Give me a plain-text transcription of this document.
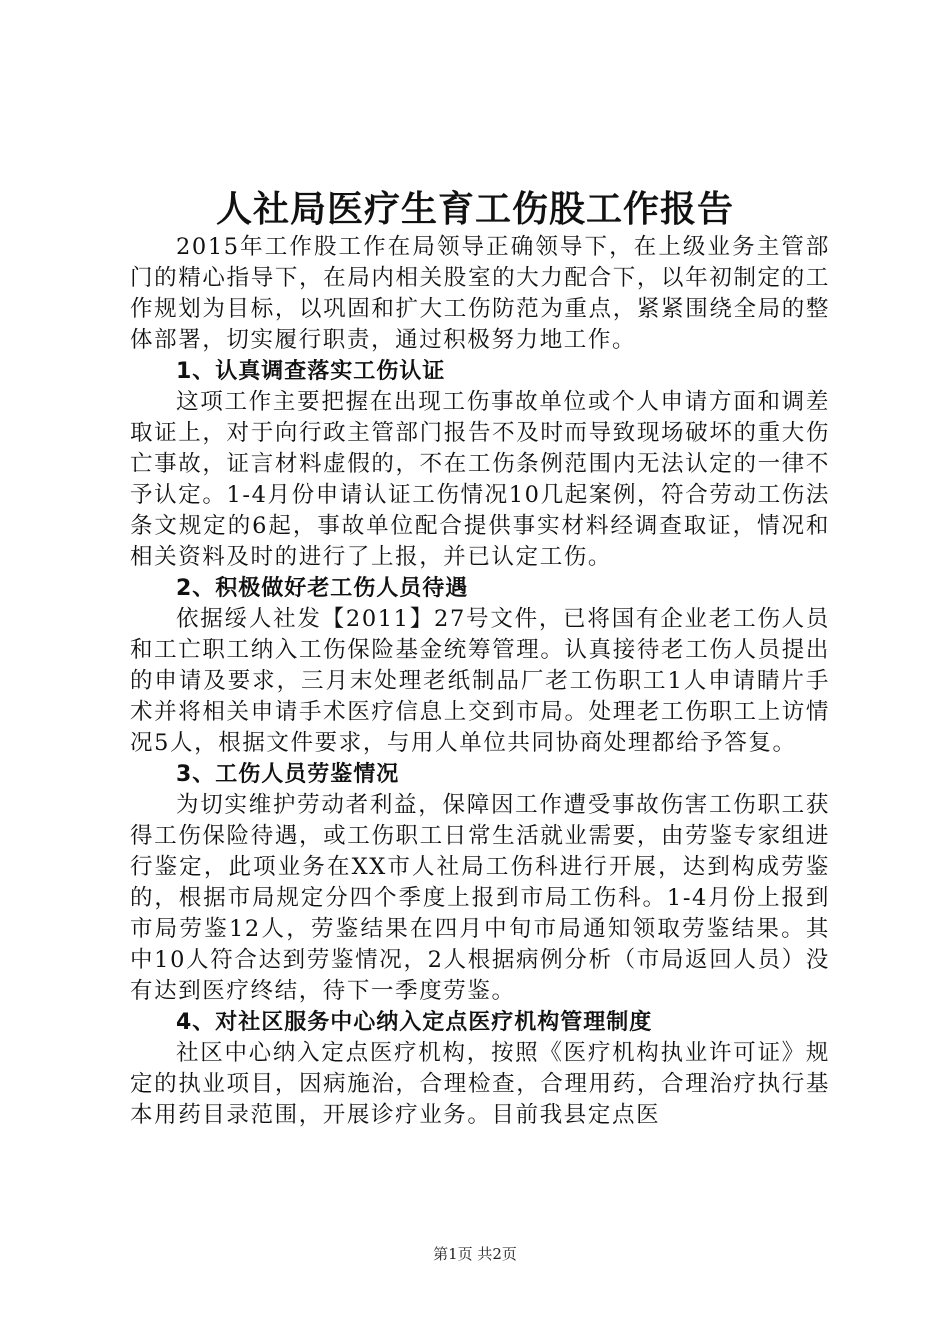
人社局医疗生育工伤股工作报告

2015年工作股工作在局领导正确领导下，在上级业务主管部门的精心指导下，在局内相关股室的大力配合下，以年初制定的工作规划为目标，以巩固和扩大工伤防范为重点，紧紧围绕全局的整体部署，切实履行职责，通过积极努力地工作。

1、认真调查落实工伤认证

这项工作主要把握在出现工伤事故单位或个人申请方面和调差取证上，对于向行政主管部门报告不及时而导致现场破坏的重大伤亡事故，证言材料虚假的，不在工伤条例范围内无法认定的一律不予认定。1-4月份申请认证工伤情况10几起案例，符合劳动工伤法条文规定的6起，事故单位配合提供事实材料经调查取证，情况和相关资料及时的进行了上报，并已认定工伤。

2、积极做好老工伤人员待遇

依据绥人社发【2011】27号文件，已将国有企业老工伤人员和工亡职工纳入工伤保险基金统筹管理。认真接待老工伤人员提出的申请及要求，三月末处理老纸制品厂老工伤职工1人申请睛片手术并将相关申请手术医疗信息上交到市局。处理老工伤职工上访情况5人，根据文件要求，与用人单位共同协商处理都给予答复。

3、工伤人员劳鉴情况

为切实维护劳动者利益，保障因工作遭受事故伤害工伤职工获得工伤保险待遇，或工伤职工日常生活就业需要，由劳鉴专家组进行鉴定，此项业务在XX市人社局工伤科进行开展，达到构成劳鉴的，根据市局规定分四个季度上报到市局工伤科。1-4月份上报到市局劳鉴12人，劳鉴结果在四月中旬市局通知领取劳鉴结果。其中10人符合达到劳鉴情况，2人根据病例分析（市局返回人员）没有达到医疗终结，待下一季度劳鉴。

4、对社区服务中心纳入定点医疗机构管理制度

社区中心纳入定点医疗机构，按照《医疗机构执业许可证》规定的执业项目，因病施治，合理检查，合理用药，合理治疗执行基本用药目录范围，开展诊疗业务。目前我县定点医

第1页 共2页
